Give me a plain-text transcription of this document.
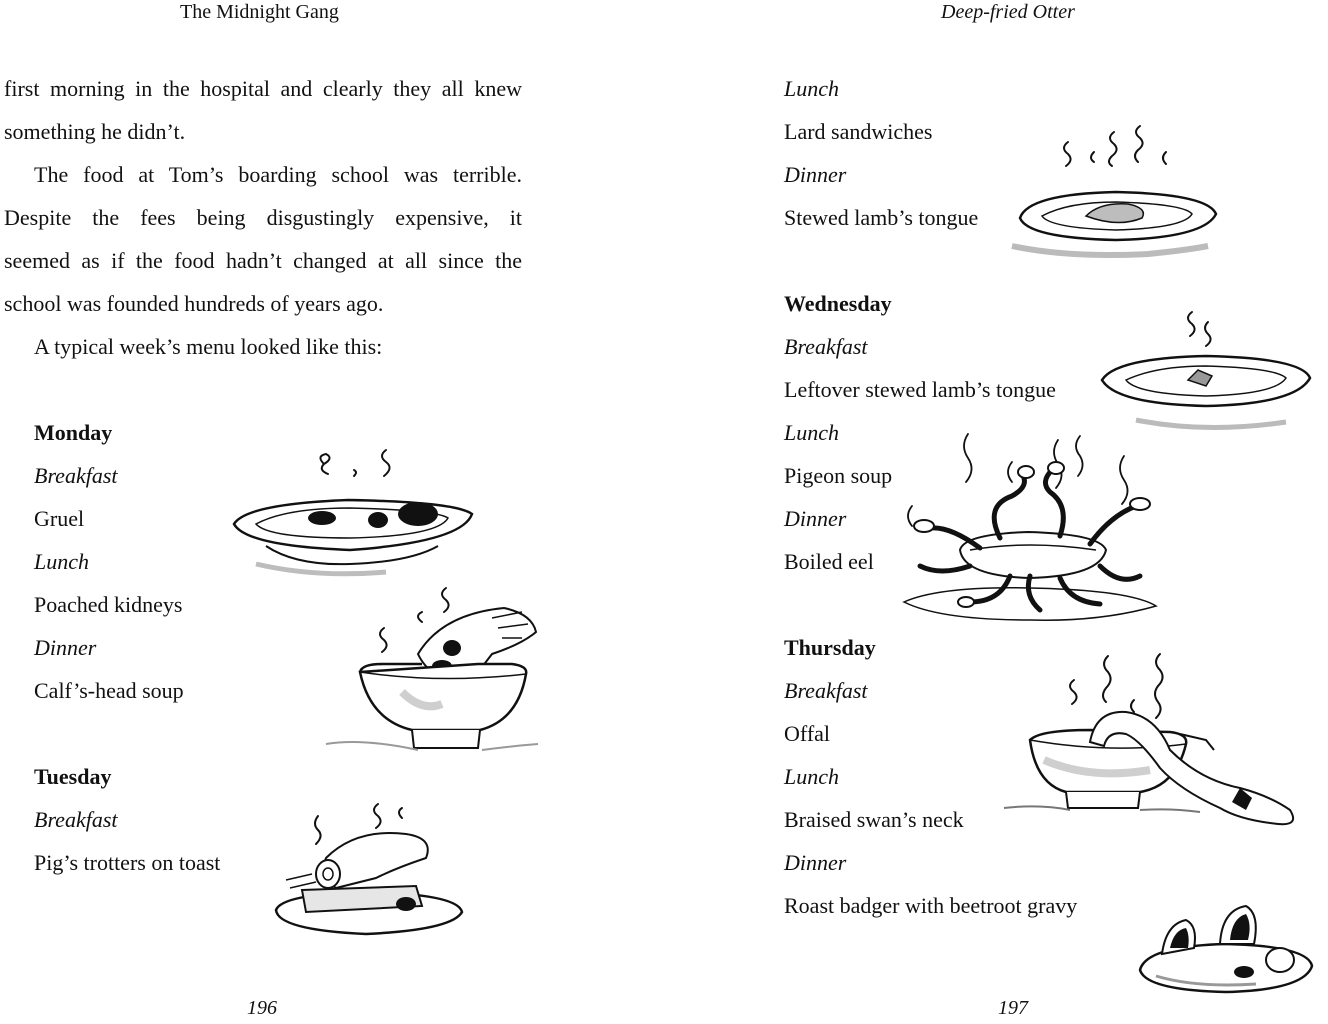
The Midnight Gang
first morning in the hospital and clearly they all knew
something he didn’t.
The food at Tom’s boarding school was terrible.
Despite the fees being disgustingly expensive, it
seemed as if the food hadn’t changed at all since the
school was founded hundreds of years ago.
A typical week’s menu looked like this:
Monday
Breakfast
Gruel
Lunch
Poached kidneys
Dinner
Calf’s-head soup
Tuesday
Breakfast
Pig’s trotters on toast
196
Deep-fried Otter
Lunch
Lard sandwiches
Dinner
Stewed lamb’s tongue
Wednesday
Breakfast
Leftover stewed lamb’s tongue
Lunch
Pigeon soup
Dinner
Boiled eel
Thursday
Breakfast
Offal
Lunch
Braised swan’s neck
Dinner
Roast badger with beetroot gravy
197
